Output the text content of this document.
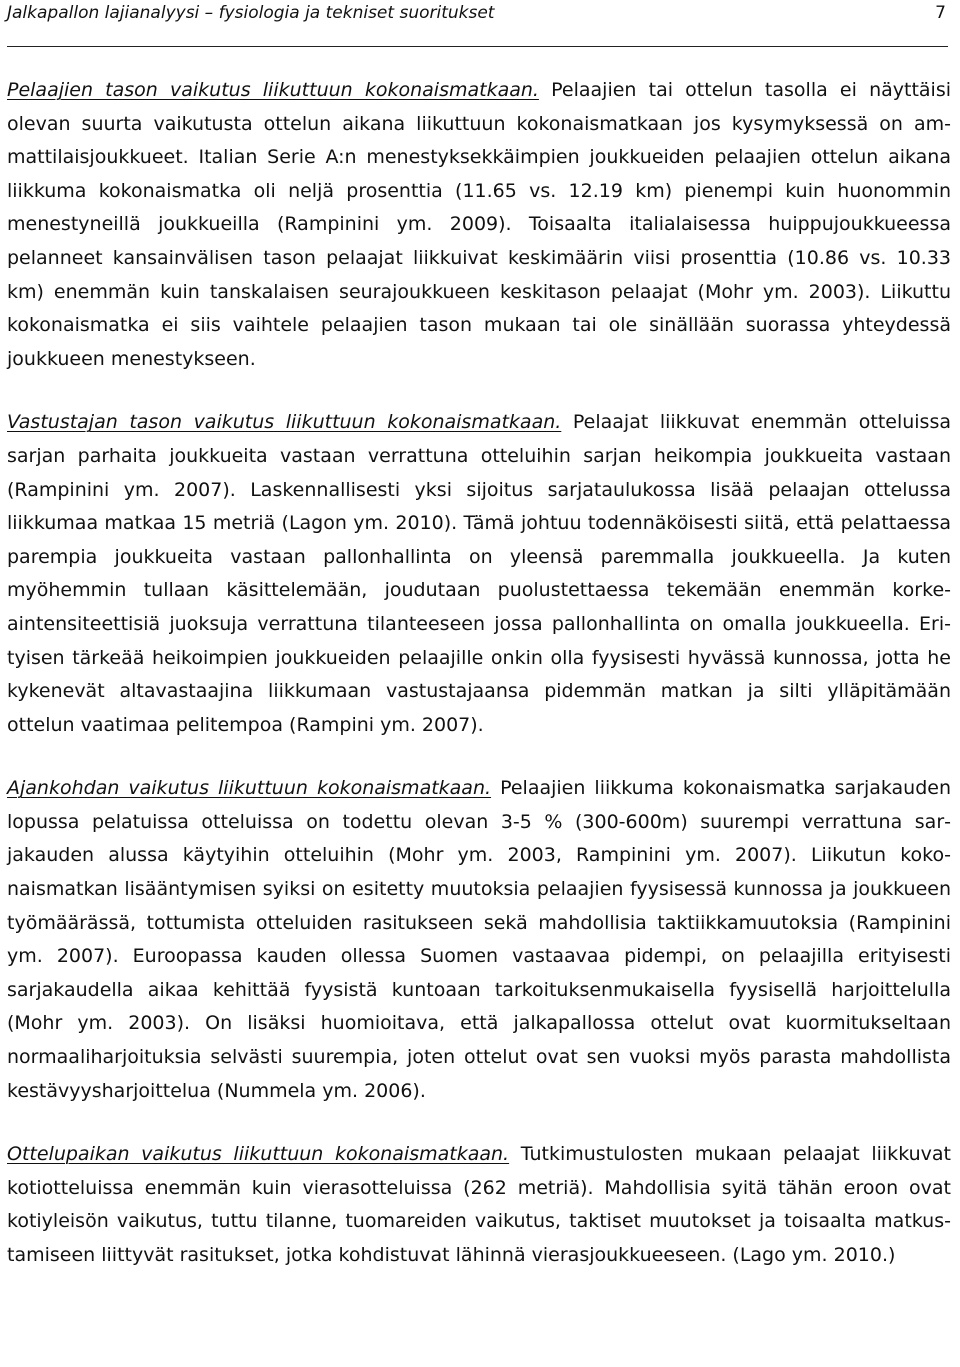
Jalkapallon lajianalyysi – fysiologia ja tekniset suoritukset	7

Pelaajien tason vaikutus liikuttuun kokonaismatkaan. Pelaajien tai ottelun tasolla ei näyttäisi olevan suurta vaikutusta ottelun aikana liikuttuun kokonaismatkaan jos kysymyksessä on ammattilaisjoukkueet. Italian Serie A:n menestyksekkäimpien joukkueiden pelaajien ottelun aikana liikkuma kokonaismatka oli neljä prosenttia (11.65 vs. 12.19 km) pienempi kuin huonommin menestyneillä joukkueilla (Rampinini ym. 2009). Toisaalta italialaisessa huippujoukkueessa pelanneet kansainvälisen tason pelaajat liikkuivat keskimäärin viisi prosenttia (10.86 vs. 10.33 km) enemmän kuin tanskalaisen seurajoukkueen keskitason pelaajat (Mohr ym. 2003). Liikuttu kokonaismatka ei siis vaihtele pelaajien tason mukaan tai ole sinällään suorassa yhteydessä joukkueen menestykseen.

Vastustajan tason vaikutus liikuttuun kokonaismatkaan. Pelaajat liikkuvat enemmän otteluissa sarjan parhaita joukkueita vastaan verrattuna otteluihin sarjan heikompia joukkueita vastaan (Rampinini ym. 2007). Laskennallisesti yksi sijoitus sarjataulukossa lisää pelaajan ottelussa liikkumaa matkaa 15 metriä (Lagon ym. 2010). Tämä johtuu todennäköisesti siitä, että pelattaessa parempia joukkueita vastaan pallonhallinta on yleensä paremmalla joukkueella. Ja kuten myöhemmin tullaan käsittelemään, joudutaan puolustettaessa tekemään enemmän korkeaintensiteettisiä juoksuja verrattuna tilanteeseen jossa pallonhallinta on omalla joukkueella. Erityisen tärkeää heikoimpien joukkueiden pelaajille onkin olla fyysisesti hyvässä kunnossa, jotta he kykenevät altavastaajina liikkumaan vastustajaansa pidemmän matkan ja silti ylläpitämään ottelun vaatimaa pelitempoa (Rampini ym. 2007).

Ajankohdan vaikutus liikuttuun kokonaismatkaan. Pelaajien liikkuma kokonaismatka sarjakauden lopussa pelatuissa otteluissa on todettu olevan 3-5 % (300-600m) suurempi verrattuna sarjakauden alussa käytyihin otteluihin (Mohr ym. 2003, Rampinini ym. 2007). Liikutun kokonaismatkan lisääntymisen syiksi on esitetty muutoksia pelaajien fyysisessä kunnossa ja joukkueen työmäärässä, tottumista otteluiden rasitukseen sekä mahdollisia taktiikkamuutoksia (Rampinini ym. 2007). Euroopassa kauden ollessa Suomen vastaavaa pidempi, on pelaajilla erityisesti sarjakaudella aikaa kehittää fyysistä kuntoaan tarkoituksenmukaisella fyysisellä harjoittelulla (Mohr ym. 2003). On lisäksi huomioitava, että jalkapallossa ottelut ovat kuormitukseltaan normaaliharjoituksia selvästi suurempia, joten ottelut ovat sen vuoksi myös parasta mahdollista kestävyysharjoittelua (Nummela ym. 2006).

Ottelupaikan vaikutus liikuttuun kokonaismatkaan. Tutkimustulosten mukaan pelaajat liikkuvat kotiotteluissa enemmän kuin vierasotteluissa (262 metriä). Mahdollisia syitä tähän eroon ovat kotiyleisön vaikutus, tuttu tilanne, tuomareiden vaikutus, taktiset muutokset ja toisaalta matkustamiseen liittyvät rasitukset, jotka kohdistuvat lähinnä vierasjoukkueeseen. (Lago ym. 2010.)
